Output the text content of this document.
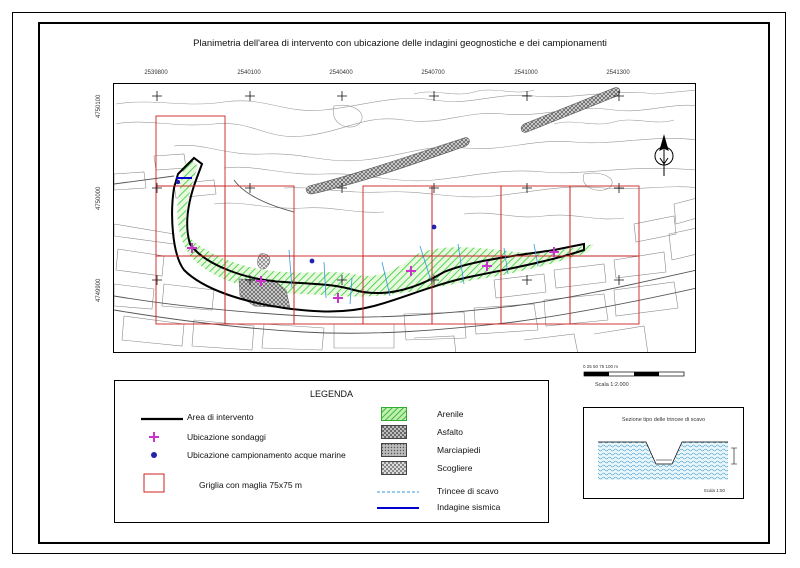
Planimetria dell'area di intervento con ubicazione delle indagini geognostiche e dei campionamenti
2539800	2540100	2540400	2540700	2541000	2541300
4750100
4750000
4749900
0 25 50 75 100 m
Scala 1:2.000
LEGENDA
Area di intervento
Ubicazione sondaggi
Ubicazione campionamento acque marine
Griglia con maglia 75x75 m
Arenile
Asfalto
Marciapiedi
Scogliere
Trincee di scavo
Indagine sismica
Sezione tipo delle trincee di scavo
Scala 1:50
